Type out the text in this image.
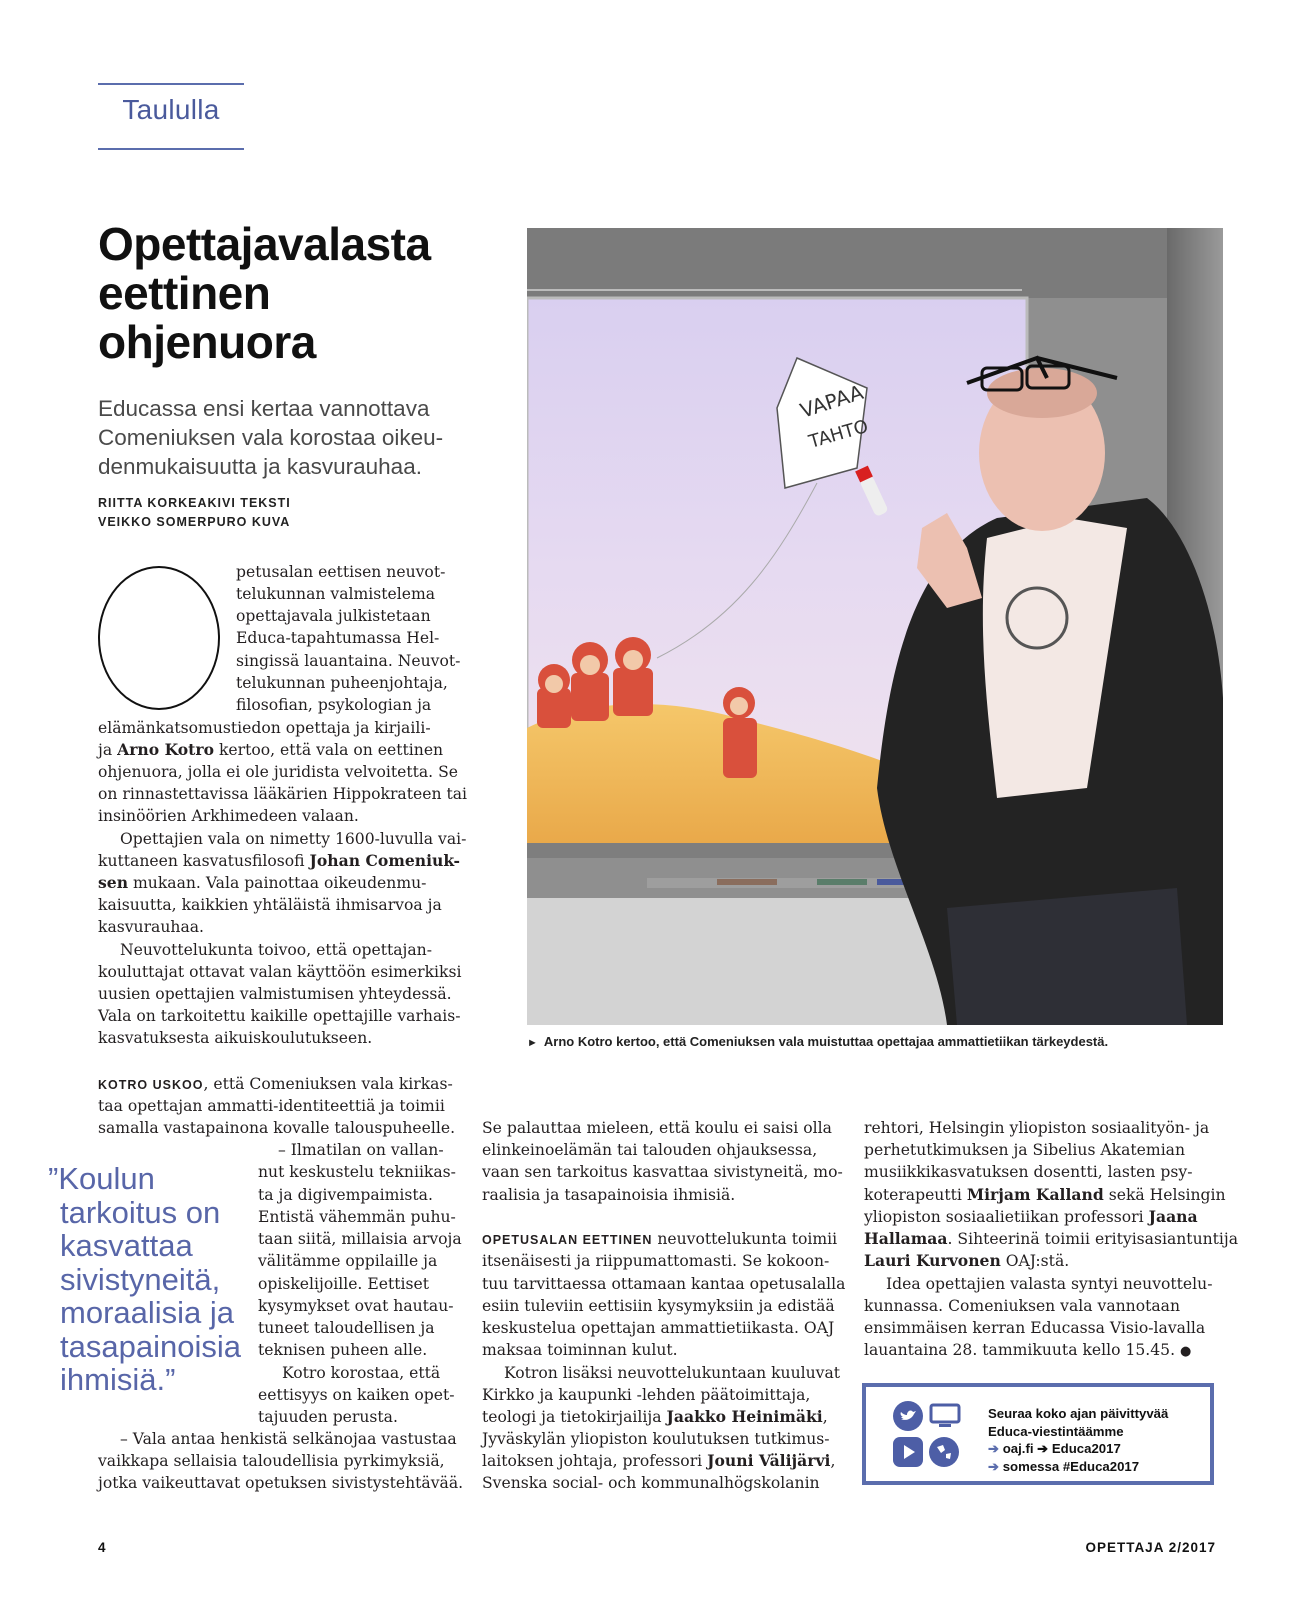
Taululla
Opettajavalasta
eettinen
ohjenuora
Educassa ensi kertaa vannottava
Comeniuksen vala korostaa oikeu-
denmukaisuutta ja kasvurauhaa.
RIITTA KORKEAKIVI TEKSTI
VEIKKO SOMERPURO KUVA
VAPAA
TAHTO
► Arno Kotro kertoo, että Comeniuksen vala muistuttaa opettajaa ammattietiikan tärkeydestä.
petusalan eettisen neuvot-
telukunnan valmistelema
opettajavala julkistetaan
Educa-tapahtumassa Hel-
singissä lauantaina. Neuvot-
telukunnan puheenjohtaja,
filosofian, psykologian ja
elämänkatsomustiedon opettaja ja kirjaili-
ja Arno Kotro kertoo, että vala on eettinen
ohjenuora, jolla ei ole juridista velvoitetta. Se
on rinnastettavissa lääkärien Hippokrateen tai
insinöörien Arkhimedeen valaan.
Opettajien vala on nimetty 1600-luvulla vai-
kuttaneen kasvatusfilosofi Johan Comeniuk-
sen mukaan. Vala painottaa oikeudenmu-
kaisuutta, kaikkien yhtäläistä ihmisarvoa ja
kasvurauhaa.
Neuvottelukunta toivoo, että opettajan-
kouluttajat ottavat valan käyttöön esimerkiksi
uusien opettajien valmistumisen yhteydessä.
Vala on tarkoitettu kaikille opettajille varhais-
kasvatuksesta aikuiskoulutukseen.
KOTRO USKOO, että Comeniuksen vala kirkas-
taa opettajan ammatti-identiteettiä ja toimii
samalla vastapainona kovalle talouspuheelle.
– Ilmatilan on vallan-
nut keskustelu tekniikas-
ta ja digivempaimista.
Entistä vähemmän puhu-
taan siitä, millaisia arvoja
välitämme oppilaille ja
opiskelijoille. Eettiset
kysymykset ovat hautau-
tuneet taloudellisen ja
teknisen puheen alle.
Kotro korostaa, että
eettisyys on kaiken opet-
tajuuden perusta.
– Vala antaa henkistä selkänojaa vastustaa
vaikkapa sellaisia taloudellisia pyrkimyksiä,
jotka vaikeuttavat opetuksen sivistystehtävää.
”Koulun
tarkoitus on
kasvattaa
sivistyneitä,
moraalisia ja
tasapainoisia
ihmisiä.”
Se palauttaa mieleen, että koulu ei saisi olla
elinkeinoelämän tai talouden ohjauksessa,
vaan sen tarkoitus kasvattaa sivistyneitä, mo-
raalisia ja tasapainoisia ihmisiä.
OPETUSALAN EETTINEN neuvottelukunta toimii
itsenäisesti ja riippumattomasti. Se kokoon-
tuu tarvittaessa ottamaan kantaa opetusalalla
esiin tuleviin eettisiin kysymyksiin ja edistää
keskustelua opettajan ammattietiikasta. OAJ
maksaa toiminnan kulut.
Kotron lisäksi neuvottelukuntaan kuuluvat
Kirkko ja kaupunki -lehden päätoimittaja,
teologi ja tietokirjailija Jaakko Heinimäki,
Jyväskylän yliopiston koulutuksen tutkimus-
laitoksen johtaja, professori Jouni Välijärvi,
Svenska social- och kommunalhögskolanin
rehtori, Helsingin yliopiston sosiaalityön- ja
perhetutkimuksen ja Sibelius Akatemian
musiikkikasvatuksen dosentti, lasten psy-
koterapeutti Mirjam Kalland sekä Helsingin
yliopiston sosiaalietiikan professori Jaana
Hallamaa. Sihteerinä toimii erityisasiantuntija
Lauri Kurvonen OAJ:stä.
Idea opettajien valasta syntyi neuvottelu-
kunnassa. Comeniuksen vala vannotaan
ensimmäisen kerran Educassa Visio-lavalla
lauantaina 28. tammikuuta kello 15.45. ●
Seuraa koko ajan päivittyvää
Educa-viestintäämme
➔ oaj.fi ➔ Educa2017
➔ somessa #Educa2017
4	OPETTAJA 2/2017
